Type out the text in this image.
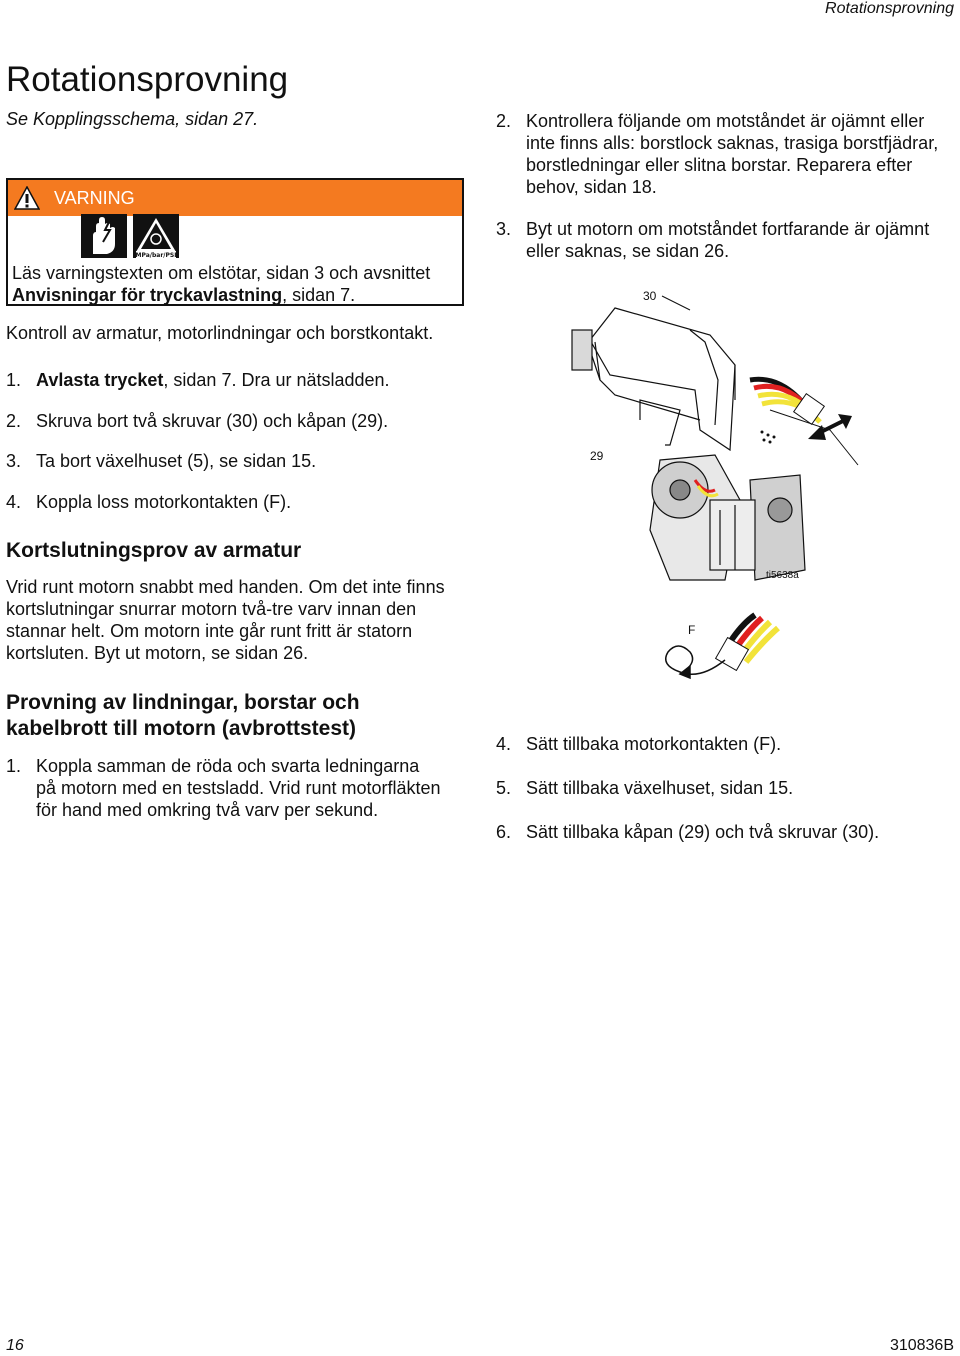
Rotationsprovning
Rotationsprovning
Se Kopplingsschema, sidan 27.
VARNING
MPa/bar/PSI
Läs varningstexten om elstötar, sidan 3 och avsnittet
Anvisningar för tryckavlastning, sidan 7.
Kontroll av armatur, motorlindningar och borstkontakt.
1. Avlasta trycket, sidan 7. Dra ur nätsladden.
2. Skruva bort två skruvar (30) och kåpan (29).
3. Ta bort växelhuset (5), se sidan 15.
4. Koppla loss motorkontakten (F).
Kortslutningsprov av armatur
Vrid runt motorn snabbt med handen. Om det inte finns
kortslutningar snurrar motorn två-tre varv innan den
stannar helt. Om motorn inte går runt fritt är statorn
kortsluten. Byt ut motorn, se sidan 26.
Provning av lindningar, borstar och
kabelbrott till motorn (avbrottstest)
1. Koppla samman de röda och svarta ledningarna
på motorn med en testsladd. Vrid runt motorfläkten
för hand med omkring två varv per sekund.
2. Kontrollera följande om motståndet är ojämnt eller
inte finns alls: borstlock saknas, trasiga borstfjädrar,
borstledningar eller slitna borstar. Reparera efter
behov, sidan 18.
3. Byt ut motorn om motståndet fortfarande är ojämnt
eller saknas, se sidan 26.
30
29
ti5638a
F
4. Sätt tillbaka motorkontakten (F).
5. Sätt tillbaka växelhuset, sidan 15.
6. Sätt tillbaka kåpan (29) och två skruvar (30).
16	310836B
